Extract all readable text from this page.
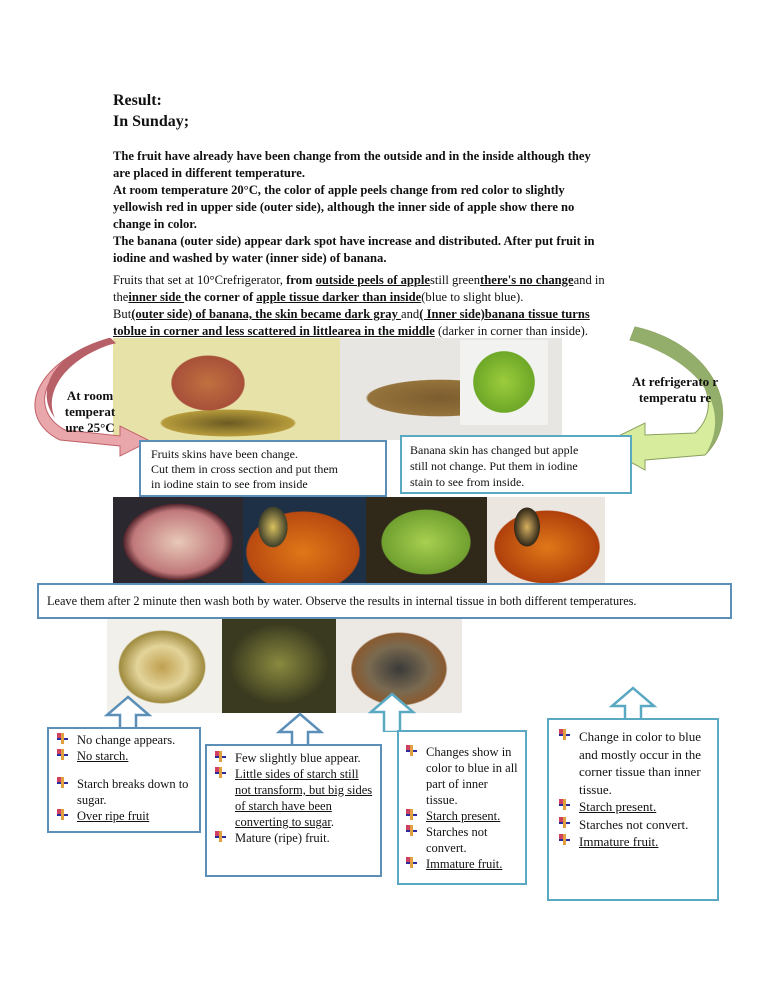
Result:
In Sunday;
The fruit have already have been change from the outside and in the inside although they
are placed in different temperature.
At room temperature 20°C, the color of apple peels change from red color to slightly
yellowish red in upper side (outer side), although the inner side of apple show there no
change in color.
The banana (outer side) appear dark spot have increase and distributed. After put fruit in
iodine and washed by water (inner side) of banana.
Fruits that set at 10°Crefrigerator, from outside peels of applestill greenthere's no changeand in
theinner side the corner of apple tissue darker than inside(blue to slight blue).
But(outer side) of banana, the skin became dark gray and( Inner side)banana tissue turns
toblue in corner and less scattered in littlearea in the middle (darker in corner than inside).
At room temperat ure 25°C
At refrigerato r temperatu re
Fruits skins have been change.
Cut them in cross section and put them
in iodine stain to see from inside
Banana skin has changed but apple
still not change. Put them in iodine
stain to see from inside.
Leave them after 2 minute then wash both by water. Observe the results in internal tissue in both different temperatures.
No change appears.
No starch.
Starch breaks down to sugar.
Over ripe fruit
Few slightly blue appear.
Little sides of starch still not transform, but big sides of starch have been converting to sugar.
Mature (ripe) fruit.
Changes show in color to blue in all part of inner tissue.
Starch present.
Starches not convert.
Immature fruit.
Change in color to blue and mostly occur in the corner tissue than inner tissue.
Starch present.
Starches not convert.
Immature fruit.
